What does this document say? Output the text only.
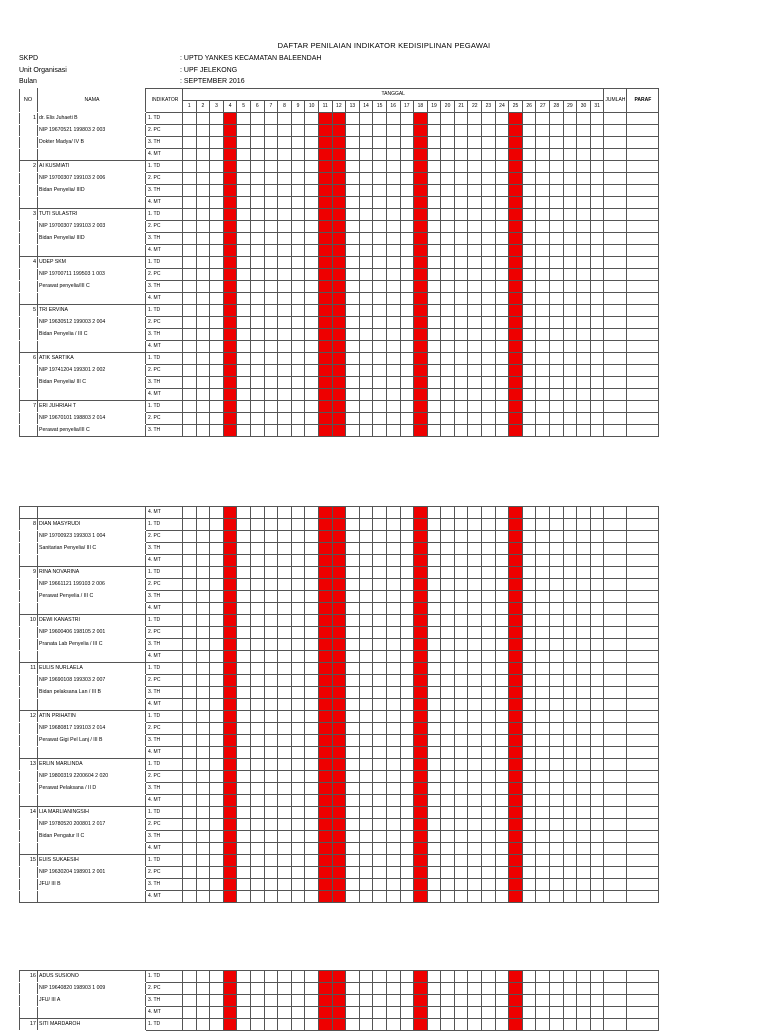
DAFTAR PENILAIAN INDIKATOR KEDISIPLINAN PEGAWAI
SKPD	: UPTD YANKES KECAMATAN BALEENDAH
Unit Organisasi	: UPF JELEKONG
Bulan	: SEPTEMBER 2016
NO	NAMA	INDIKATOR	TANGGAL																															JUMLAH	PARAF
			1	2	3	4	5	6	7	8	9	10	11	12	13	14	15	16	17	18	19	20	21	22	23	24	25	26	27	28	29	30	31		
1	dr. Elis Juhaeti B	1. TD																																	
	NIP 19670521 199803 2 003	2. PC																																	
	Dokter Madya/ IV B	3. TH																																	
		4. MT																																	
2	AI KUSMIATI	1. TD																																	
	NIP 19700307 199103 2 006	2. PC																																	
	Bidan Penyelia/ IIID	3. TH																																	
		4. MT																																	
3	TUTI SULASTRI	1. TD																																	
	NIP 19700307 199103 2 003	2. PC																																	
	Bidan Penyelia/ IIID	3. TH																																	
		4. MT																																	
4	UDEP SKM	1. TD																																	
	NIP 19700711 199503 1 003	2. PC																																	
	Perawat penyelia/III C	3. TH																																	
		4. MT																																	
5	TRI ERVINA	1. TD																																	
	NIP 19630512 199003 2 004	2. PC																																	
	Bidan Penyelia / III C	3. TH																																	
		4. MT																																	
6	ATIK SARTIKA	1. TD																																	
	NIP 19741204 199301 2 002	2. PC																																	
	Bidan Penyelia/ III C	3. TH																																	
		4. MT																																	
7	ERI JUHRIAH T	1. TD																																	
	NIP 19670101 198803 2 014	2. PC																																	
	Perawat penyelia/III C	3. TH																																	
		4. MT																																	
8	DIAN MASYRUDI	1. TD																																	
	NIP 19700923 199303 1 004	2. PC																																	
	Sanitarian Penyelia/ III C	3. TH																																	
		4. MT																																	
9	RINA NOVARINA	1. TD																																	
	NIP 19661121 199103 2 006	2. PC																																	
	Perawat Penyelia / III C	3. TH																																	
		4. MT																																	
10	DEWI KANASTRI	1. TD																																	
	NIP 19600406 198105 2 001	2. PC																																	
	Pranata Lab Penyelia / III C	3. TH																																	
		4. MT																																	
11	EULIS NURLAELA	1. TD																																	
	NIP 19690108 199303 2 007	2. PC																																	
	Bidan pelaksana Lan / III B	3. TH																																	
		4. MT																																	
12	ATIN PRIHATIN	1. TD																																	
	NIP 19680817 199103 2 014	2. PC																																	
	Perawat Gigi Pel Lanj / III B	3. TH																																	
		4. MT																																	
13	ERLIN MARLINDA	1. TD																																	
	NIP 19800319 2200604 2 020	2. PC																																	
	Perawat Pelaksana / II D	3. TH																																	
		4. MT																																	
14	LIA MARLIANINGSIH	1. TD																																	
	NIP 19780520 200801 2 017	2. PC																																	
	Bidan Pengatur II C	3. TH																																	
		4. MT																																	
15	EUIS SUKAESIH	1. TD																																	
	NIP 19630204 198901 2 001	2. PC																																	
	JFU/ III B	3. TH																																	
		4. MT																																	
16	ADUS SUSIONO	1. TD																																	
	NIP 19640820 198903 1 009	2. PC																																	
	JFU/ III A	3. TH																																	
		4. MT																																	
17	SITI MARDAROH	1. TD																																	
